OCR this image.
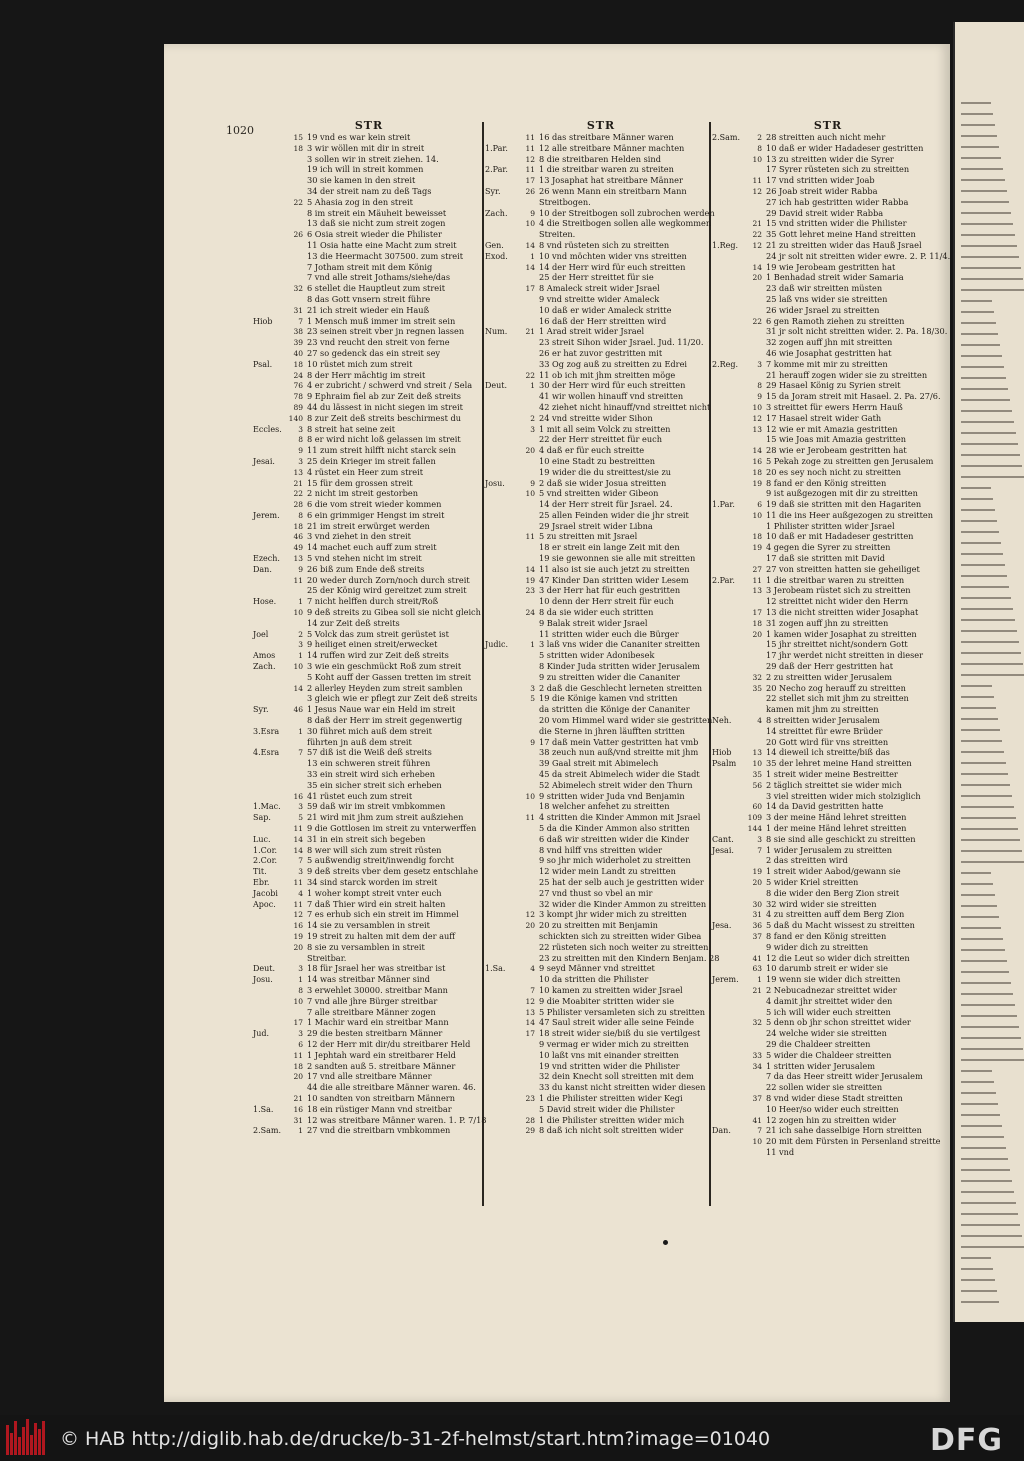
1020	STR
15 19 vnd es war kein streit
18 3 wir wöllen mit dir in streit
3 sollen wir in streit ziehen. 14.
19 ich will in streit kommen
30 sie kamen in den streit
34 der streit nam zu deß Tags
22 5 Ahasia zog in den streit
8 im streit ein Mäuheit beweisset
13 daß sie nicht zum streit zogen
26 6 Osia streit wieder die Philister
11 Osia hatte eine Macht zum streit
13 die Heermacht 307500. zum streit
7 Jotham streit mit dem König
7 vnd alle streit Jothams/siehe/das
32 6 stellet die Hauptleut zum streit
8 das Gott vnsern streit führe
31 21 ich streit wieder ein Hauß
Hiob	7 1 Mensch muß immer im streit sein
38 23 seinen streit vber jn regnen lassen
39 23 vnd reucht den streit von ferne
40 27 so gedenck das ein streit sey
Psal.	18 10 rüstet mich zum streit
24 8 der Herr mächtig im streit
76 4 er zubricht / schwerd vnd streit / Sela
78 9 Ephraim fiel ab zur Zeit deß streits
89 44 du lässest in nicht siegen im streit
140 8 zur Zeit deß streits beschirmest du
Eccles.	3 8 streit hat seine zeit
8 8 er wird nicht loß gelassen im streit
9 11 zum streit hilfft nicht starck sein
Jesai.	3 25 dein Krieger im streit fallen
13 4 rüstet ein Heer zum streit
21 15 für dem grossen streit
22 2 nicht im streit gestorben
28 6 die vom streit wieder kommen
Jerem.	8 6 ein grimmiger Hengst im streit
18 21 im streit erwürget werden
46 3 vnd ziehet in den streit
49 14 machet euch auff zum streit
Ezech.	13 5 vnd stehen nicht im streit
Dan.	9 26 biß zum Ende deß streits
11 20 weder durch Zorn/noch durch streit
25 der König wird gereitzet zum streit
Hose.	1 7 nicht helffen durch streit/Roß
10 9 deß streits zu Gibea soll sie nicht gleich
14 zur Zeit deß streits
Joel	2 5 Volck das zum streit gerüstet ist
3 9 heiliget einen streit/erwecket
Amos	1 14 ruffen wird zur Zeit deß streits
Zach.	10 3 wie ein geschmückt Roß zum streit
5 Koht auff der Gassen tretten im streit
14 2 allerley Heyden zum streit samblen
3 gleich wie er pflegt zur Zeit deß streits
Syr.	46 1 Jesus Naue war ein Held im streit
8 daß der Herr im streit gegenwertig
3.Esra	1 30 führet mich auß dem streit
führten jn auß dem streit
4.Esra	7 57 diß ist die Weiß deß streits
13 ein schweren streit führen
33 ein streit wird sich erheben
35 ein sicher streit sich erheben
16 41 rüstet euch zum streit
1.Mac.	3 59 daß wir im streit vmbkommen
Sap.	5 21 wird mit jhm zum streit außziehen
11 9 die Gottlosen im streit zu vnterwerffen
Luc.	14 31 in ein streit sich begeben
1.Cor.	14 8 wer will sich zum streit rüsten
2.Cor.	7 5 außwendig streit/inwendig forcht
Tit.	3 9 deß streits vber dem gesetz entschlahe
Ebr.	11 34 sind starck worden im streit
Jacobi	4 1 woher kompt streit vnter euch
Apoc.	11 7 daß Thier wird ein streit halten
12 7 es erhub sich ein streit im Himmel
16 14 sie zu versamblen in streit
19 19 streit zu halten mit dem der auff
20 8 sie zu versamblen in streit
Streitbar.
Deut.	3 18 für Jsrael her was streitbar ist
Josu.	1 14 was streitbar Männer sind
8 3 erwehlet 30000. streitbar Mann
10 7 vnd alle jhre Bürger streitbar
7 alle streitbare Männer zogen
17 1 Machir ward ein streitbar Mann
Jud.	3 29 die besten streitbarn Männer
6 12 der Herr mit dir/du streitbarer Held
11 1 Jephtah ward ein streitbarer Held
18 2 sandten auß 5. streitbare Männer
20 17 vnd alle streitbare Männer
44 die alle streitbare Männer waren. 46.
21 10 sandten von streitbarn Männern
1.Sa.	16 18 ein rüstiger Mann vnd streitbar
31 12 was streitbare Männer waren. 1. P. 7/18
2.Sam.	1 27 vnd die streitbarn vmbkommen
STR
11 16 das streitbare Männer waren
1.Par.	11 12 alle streitbare Männer machten
12 8 die streitbaren Helden sind
2.Par.	11 1 die streitbar waren zu streiten
17 13 Josaphat hat streitbare Männer
Syr.	26 26 wenn Mann ein streitbarn Mann
Streitbogen.
Zach.	9 10 der Streitbogen soll zubrochen werden
10 4 die Streitbogen sollen alle wegkommen
Streiten.
Gen.	14 8 vnd rüsteten sich zu streitten
Exod.	1 10 vnd möchten wider vns streitten
14 14 der Herr wird für euch streitten
25 der Herr streittet für sie
17 8 Amaleck streit wider Jsrael
9 vnd streitte wider Amaleck
10 daß er wider Amaleck stritte
16 daß der Herr streitten wird
Num.	21 1 Arad streit wider Jsrael
23 streit Sihon wider Jsrael. Jud. 11/20.
26 er hat zuvor gestritten mit
33 Og zog auß zu streitten zu Edrei
22 11 ob ich mit jhm streitten möge
Deut.	1 30 der Herr wird für euch streitten
41 wir wollen hinauff vnd streitten
42 ziehet nicht hinauff/vnd streittet nicht
2 24 vnd streitte wider Sihon
3 1 mit all seim Volck zu streitten
22 der Herr streittet für euch
20 4 daß er für euch streitte
10 eine Stadt zu bestreitten
19 wider die du streittest/sie zu
Josu.	9 2 daß sie wider Josua streitten
10 5 vnd streitten wider Gibeon
14 der Herr streit für Jsrael. 24.
25 allen Feinden wider die jhr streit
29 Jsrael streit wider Libna
11 5 zu streitten mit Jsrael
18 er streit ein lange Zeit mit den
19 sie gewonnen sie alle mit streitten
14 11 also ist sie auch jetzt zu streitten
19 47 Kinder Dan stritten wider Lesem
23 3 der Herr hat für euch gestritten
10 denn der Herr streit für euch
24 8 da sie wider euch stritten
9 Balak streit wider Jsrael
11 stritten wider euch die Bürger
Judic.	1 3 laß vns wider die Cananiter streitten
5 stritten wider Adonibesek
8 Kinder Juda stritten wider Jerusalem
9 zu streitten wider die Cananiter
3 2 daß die Geschlecht lerneten streitten
5 19 die Könige kamen vnd stritten
da stritten die Könige der Cananiter
20 vom Himmel ward wider sie gestritten
die Sterne in jhren läufften stritten
9 17 daß mein Vatter gestritten hat vmb
38 zeuch nun auß/vnd streitte mit jhm
39 Gaal streit mit Abimelech
45 da streit Abimelech wider die Stadt
52 Abimelech streit wider den Thurn
10 9 stritten wider Juda vnd Benjamin
18 welcher anfehet zu streitten
11 4 stritten die Kinder Ammon mit Jsrael
5 da die Kinder Ammon also stritten
6 daß wir streitten wider die Kinder
8 vnd hilff vns streitten wider
9 so jhr mich widerholet zu streitten
12 wider mein Landt zu streitten
25 hat der selb auch je gestritten wider
27 vnd thust so vbel an mir
32 wider die Kinder Ammon zu streitten
12 3 kompt jhr wider mich zu streitten
20 20 zu streitten mit Benjamin
schickten sich zu streitten wider Gibea
22 rüsteten sich noch weiter zu streitten
23 zu streitten mit den Kindern Benjam. 28
1.Sa.	4 9 seyd Männer vnd streittet
10 da stritten die Philister
7 10 kamen zu streitten wider Jsrael
12 9 die Moabiter stritten wider sie
13 5 Philister versamleten sich zu streitten
14 47 Saul streit wider alle seine Feinde
17 18 streit wider sie/biß du sie vertilgest
9 vermag er wider mich zu streitten
10 laßt vns mit einander streitten
19 vnd stritten wider die Philister
32 dein Knecht soll streitten mit dem
33 du kanst nicht streitten wider diesen
23 1 die Philister streitten wider Kegi
5 David streit wider die Philister
28 1 die Philister streitten wider mich
29 8 daß ich nicht solt streitten wider
STR
2.Sam.	2 28 streitten auch nicht mehr
8 10 daß er wider Hadadeser gestritten
10 13 zu streitten wider die Syrer
17 Syrer rüsteten sich zu streitten
11 17 vnd stritten wider Joab
12 26 Joab streit wider Rabba
27 ich hab gestritten wider Rabba
29 David streit wider Rabba
21 15 vnd stritten wider die Philister
22 35 Gott lehret meine Hand streitten
1.Reg.	12 21 zu streitten wider das Hauß Jsrael
24 jr solt nit streitten wider ewre. 2. P. 11/4.
14 19 wie Jerobeam gestritten hat
20 1 Benhadad streit wider Samaria
23 daß wir streitten müsten
25 laß vns wider sie streitten
26 wider Jsrael zu streitten
22 6 gen Ramoth ziehen zu streitten
31 jr solt nicht streitten wider. 2. Pa. 18/30.
32 zogen auff jhn mit streitten
46 wie Josaphat gestritten hat
2.Reg.	3 7 komme mit mir zu streitten
21 herauff zogen wider sie zu streitten
8 29 Hasael König zu Syrien streit
9 15 da Joram streit mit Hasael. 2. Pa. 27/6.
10 3 streittet für ewers Herrn Hauß
12 17 Hasael streit wider Gath
13 12 wie er mit Amazia gestritten
15 wie Joas mit Amazia gestritten
14 28 wie er Jerobeam gestritten hat
16 5 Pekah zoge zu streitten gen Jerusalem
18 20 es sey noch nicht zu streitten
19 8 fand er den König streitten
9 ist außgezogen mit dir zu streitten
1.Par.	6 19 daß sie stritten mit den Hagariten
10 11 die ins Heer außgezogen zu streitten
1 Philister stritten wider Jsrael
18 10 daß er mit Hadadeser gestritten
19 4 gegen die Syrer zu streitten
17 daß sie stritten mit David
27 27 von streitten hatten sie geheiliget
2.Par.	11 1 die streitbar waren zu streitten
13 3 Jerobeam rüstet sich zu streitten
12 streittet nicht wider den Herrn
17 13 die nicht streitten wider Josaphat
18 31 zogen auff jhn zu streitten
20 1 kamen wider Josaphat zu streitten
15 jhr streittet nicht/sondern Gott
17 jhr werdet nicht streitten in dieser
29 daß der Herr gestritten hat
32 2 zu streitten wider Jerusalem
35 20 Necho zog herauff zu streitten
22 stellet sich mit jhm zu streitten
kamen mit jhm zu streitten
Neh.	4 8 streitten wider Jerusalem
14 streittet für ewre Brüder
20 Gott wird für vns streitten
Hiob	13 14 dieweil ich streitte/biß das
Psalm	10 35 der lehret meine Hand streitten
35 1 streit wider meine Bestreitter
56 2 täglich streittet sie wider mich
3 viel streitten wider mich stolziglich
60 14 da David gestritten hatte
109 3 der meine Händ lehret streitten
144 1 der meine Händ lehret streitten
Cant.	3 8 sie sind alle geschickt zu streitten
Jesai.	7 1 wider Jerusalem zu streitten
2 das streitten wird
19 1 streit wider Aabod/gewann sie
20 5 wider Kriel streitten
8 die wider den Berg Zion streit
30 32 wird wider sie streitten
31 4 zu streitten auff dem Berg Zion
Jesa.	36 5 daß du Macht wissest zu streitten
37 8 fand er den König streitten
9 wider dich zu streitten
41 12 die Leut so wider dich streitten
63 10 darumb streit er wider sie
Jerem.	1 19 wenn sie wider dich streitten
21 2 Nebucadnezar streittet wider
4 damit jhr streittet wider den
5 ich will wider euch streitten
32 5 denn ob jhr schon streittet wider
24 welche wider sie streitten
29 die Chaldeer streitten
33 5 wider die Chaldeer streitten
34 1 stritten wider Jerusalem
7 da das Heer streitt wider Jerusalem
22 sollen wider sie streitten
37 8 vnd wider diese Stadt streitten
10 Heer/so wider euch streitten
41 12 zogen hin zu streitten wider
Dan.	7 21 ich sahe dasselbige Horn streitten
10 20 mit dem Fürsten in Persenland streitte
11 vnd
© HAB http://diglib.hab.de/drucke/b-31-2f-helmst/start.htm?image=01040	DFG
